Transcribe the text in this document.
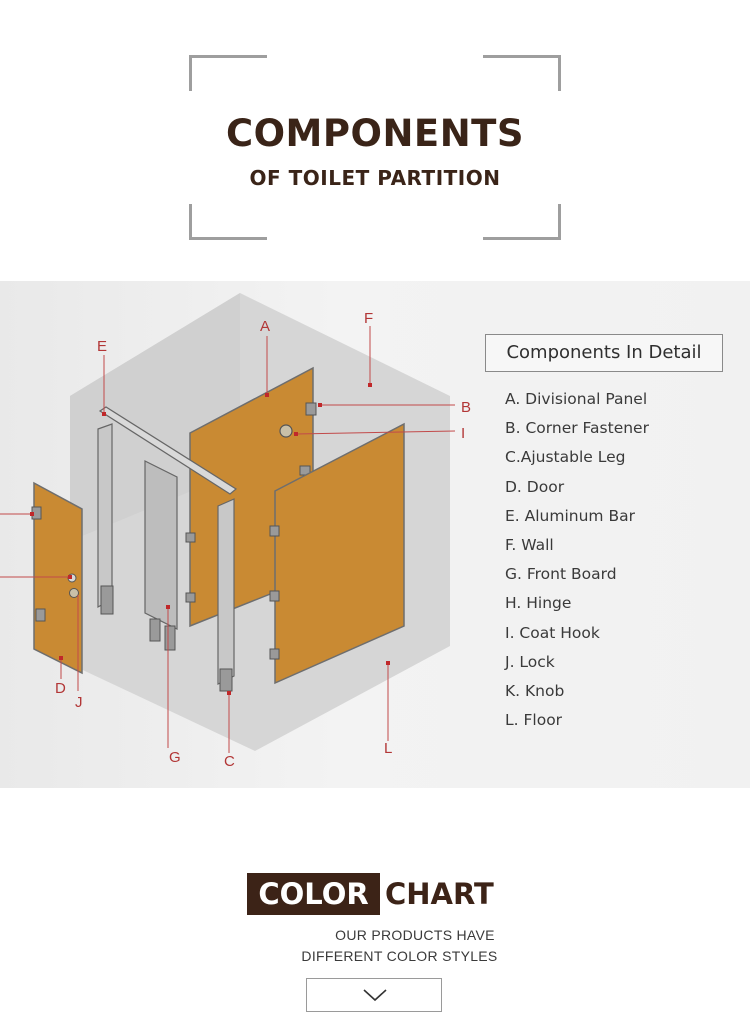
COMPONENTS
OF TOILET PARTITION
A	F
B
I
E
D
J
G	C
L
Components In Detail
A. Divisional Panel
B. Corner Fastener
C.Ajustable Leg
D. Door
E. Aluminum Bar
F. Wall
G. Front Board
H. Hinge
I. Coat Hook
J. Lock
K. Knob
L. Floor
COLOR CHART
OUR PRODUCTS HAVE
DIFFERENT COLOR STYLES
